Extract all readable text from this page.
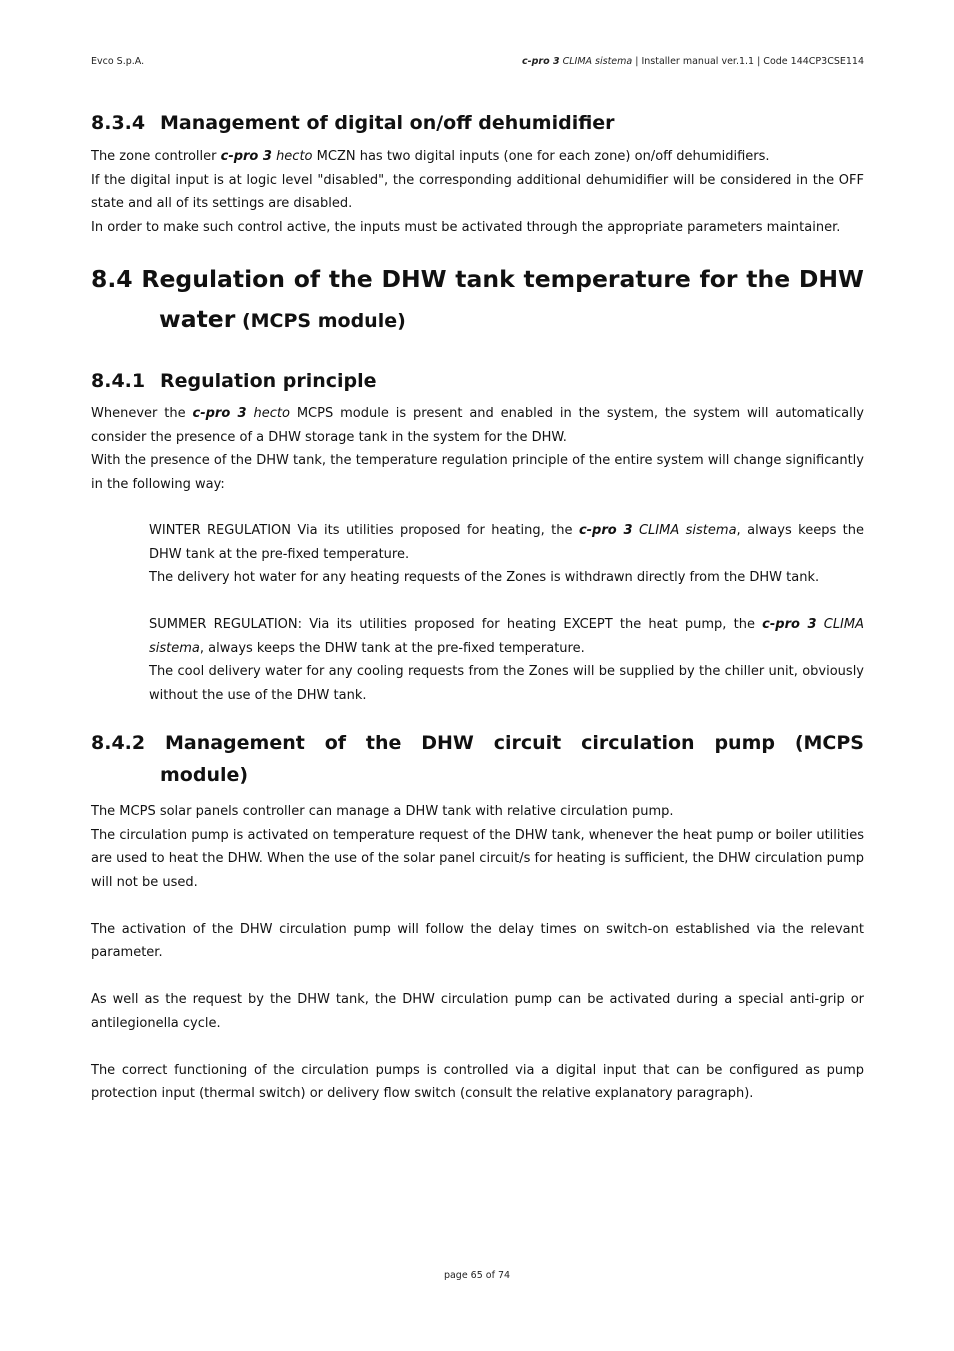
Evco S.p.A.	c-pro 3 CLIMA sistema | Installer manual ver.1.1 | Code 144CP3CSE114
8.3.4 Management of digital on/off dehumidifier

The zone controller c-pro 3 hecto MCZN has two digital inputs (one for each zone) on/off dehumidifiers.

If the digital input is at logic level "disabled", the corresponding additional dehumidifier will be considered in the OFF state and all of its settings are disabled.

In order to make such control active, the inputs must be activated through the appropriate parameters maintainer.

8.4 Regulation of the DHW tank temperature for the DHW
water (MCPS module)
8.4.1 Regulation principle

Whenever the c-pro 3 hecto MCPS module is present and enabled in the system, the system will automatically consider the presence of a DHW storage tank in the system for the DHW.

With the presence of the DHW tank, the temperature regulation principle of the entire system will change significantly in the following way:

WINTER REGULATION Via its utilities proposed for heating, the c-pro 3 CLIMA sistema, always keeps the DHW tank at the pre-fixed temperature.

The delivery hot water for any heating requests of the Zones is withdrawn directly from the DHW tank.

SUMMER REGULATION: Via its utilities proposed for heating EXCEPT the heat pump, the c-pro 3 CLIMA sistema, always keeps the DHW tank at the pre-fixed temperature.

The cool delivery water for any cooling requests from the Zones will be supplied by the chiller unit, obviously without the use of the DHW tank.

8.4.2 Management of the DHW circuit circulation pump (MCPS
module)

The MCPS solar panels controller can manage a DHW tank with relative circulation pump.

The circulation pump is activated on temperature request of the DHW tank, whenever the heat pump or boiler utilities are used to heat the DHW. When the use of the solar panel circuit/s for heating is sufficient, the DHW circulation pump will not be used.

The activation of the DHW circulation pump will follow the delay times on switch-on established via the relevant parameter.

As well as the request by the DHW tank, the DHW circulation pump can be activated during a special anti-grip or antilegionella cycle.

The correct functioning of the circulation pumps is controlled via a digital input that can be configured as pump protection input (thermal switch) or delivery flow switch (consult the relative explanatory paragraph).

page 65 of 74
